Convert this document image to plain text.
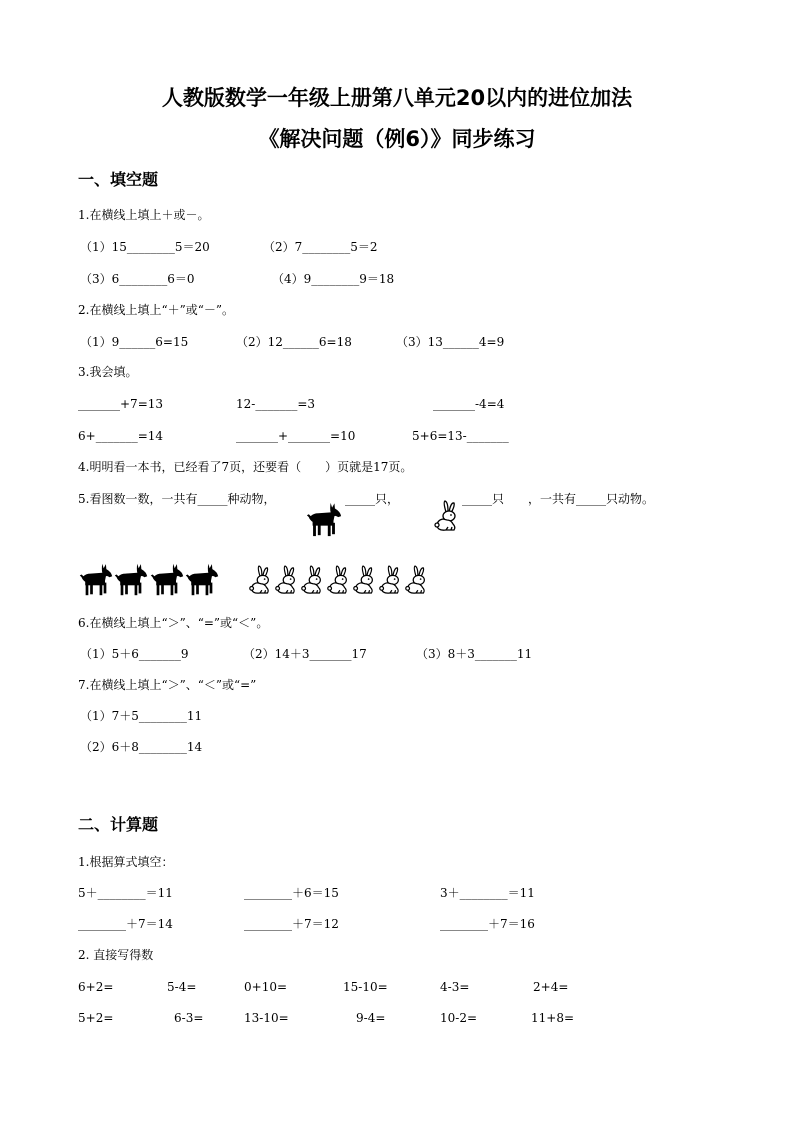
人教版数学一年级上册第八单元20以内的进位加法
《解决问题（例6）》同步练习
一、填空题
1.在横线上填上＋或－。
（1）15________5＝20	（2）7________5＝2
（3）6________6＝0	（4）9________9＝18
2.在横线上填上“＋”或“－”。
（1）9______6=15	（2）12______6=18	（3）13______4=9
3.我会填。
_______+7=13	12-_______=3	_______-4=4
6+_______=14	_______+_______=10	5+6=13-_______
4.明明看一本书，已经看了7页，还要看（　　）页就是17页。
5.看图数一数，一共有_____种动物，	_____只，	_____只 ，一共有_____只动物。
6.在横线上填上“＞”、“=”或“＜”。
（1）5＋6_______9	（2）14＋3_______17	（3）8＋3_______11
7.在横线上填上“＞”、“＜”或“=”
（1）7＋5________11
（2）6＋8________14
二、计算题
1.根据算式填空：
5＋________＝11	________＋6＝15	3＋________＝11
________＋7＝14	________＋7＝12	________＋7＝16
2. 直接写得数
6+2=	5-4=	0+10=	15-10=	4-3=	2+4=
5+2=	6-3=	13-10=	9-4=	10-2=	11+8=
